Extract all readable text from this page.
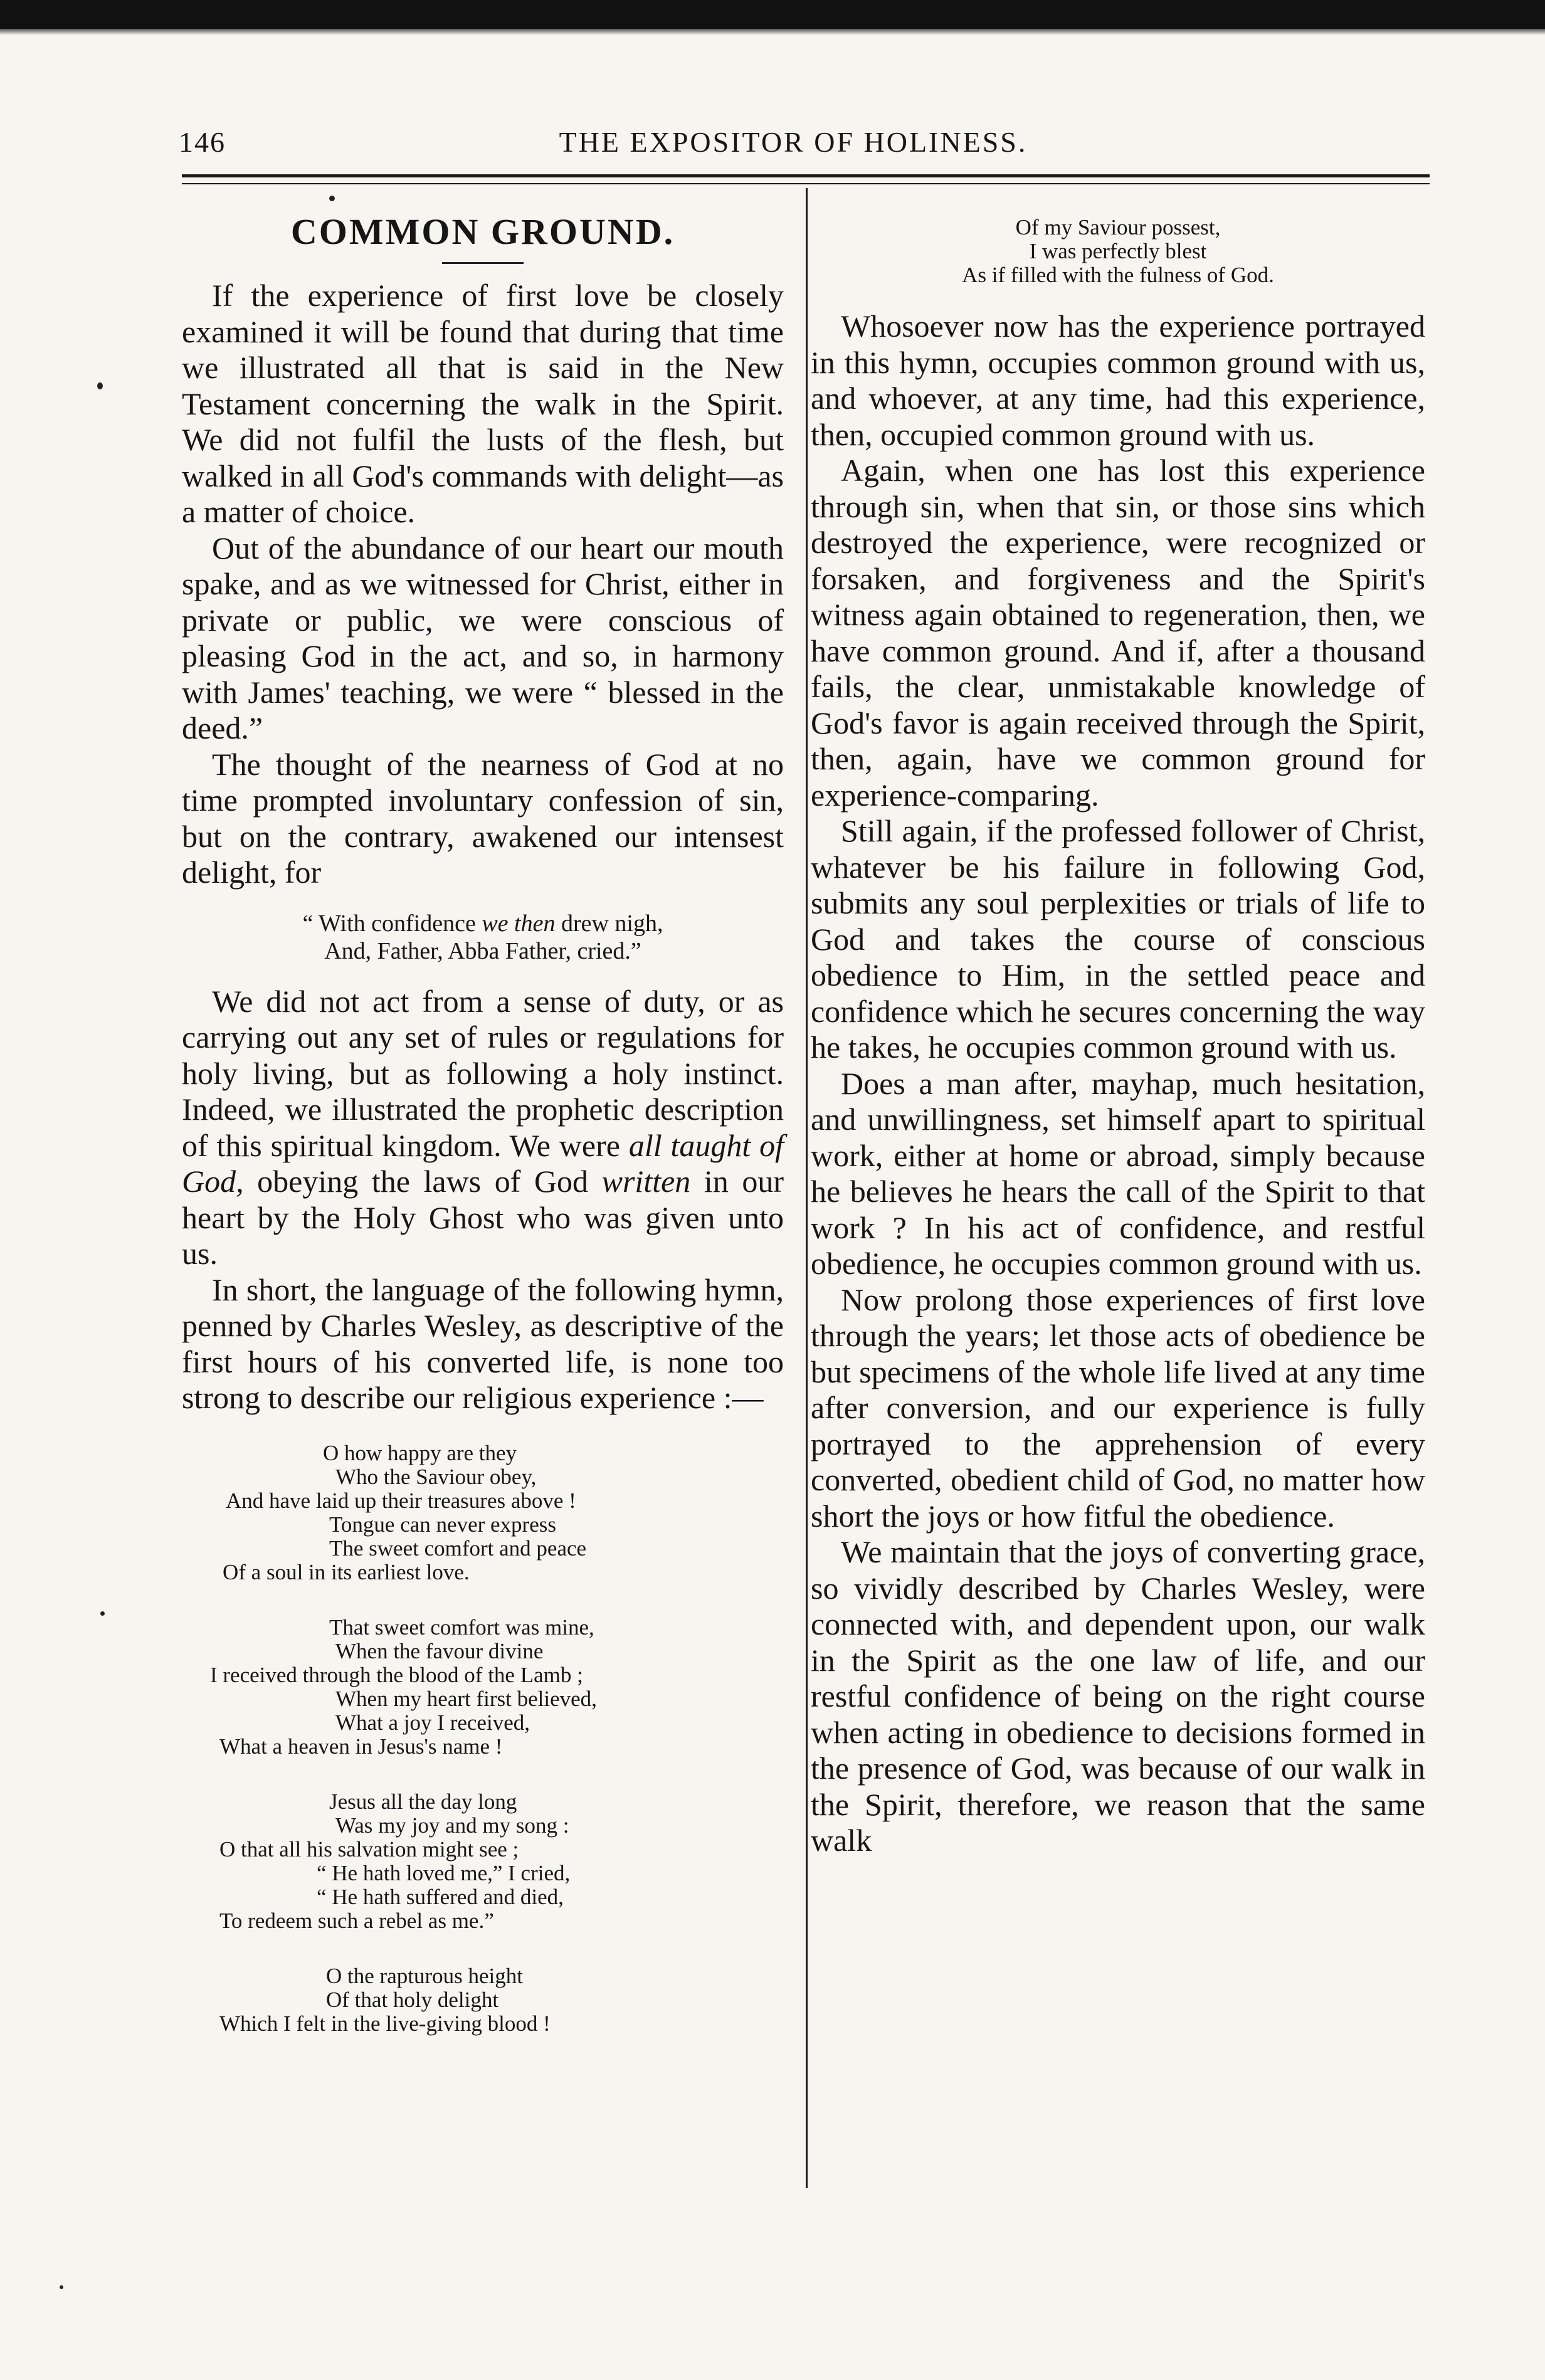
146	THE EXPOSITOR OF HOLINESS.
COMMON GROUND.

If the experience of first love be closely examined it will be found that during that time we illustrated all that is said in the New Testament concerning the walk in the Spirit. We did not fulfil the lusts of the flesh, but walked in all God's commands with delight—as a matter of choice.

Out of the abundance of our heart our mouth spake, and as we witnessed for Christ, either in private or public, we were conscious of pleasing God in the act, and so, in harmony with James' teaching, we were “ blessed in the deed.”

The thought of the nearness of God at no time prompted involuntary confession of sin, but on the contrary, awakened our intensest delight, for

“ With confidence we then drew nigh,

And, Father, Abba Father, cried.”

We did not act from a sense of duty, or as carrying out any set of rules or regulations for holy living, but as following a holy instinct. Indeed, we illustrated the prophetic description of this spiritual kingdom. We were all taught of God, obeying the laws of God written in our heart by the Holy Ghost who was given unto us.

In short, the language of the following hymn, penned by Charles Wesley, as descriptive of the first hours of his converted life, is none too strong to describe our religious experience :—

O how happy are they
Who the Saviour obey,
And have laid up their treasures above !
Tongue can never express
The sweet comfort and peace
Of a soul in its earliest love.
That sweet comfort was mine,
When the favour divine
I received through the blood of the Lamb ;
When my heart first believed,
What a joy I received,
What a heaven in Jesus's name !
Jesus all the day long
Was my joy and my song :
O that all his salvation might see ;
“ He hath loved me,” I cried,
“ He hath suffered and died,
To redeem such a rebel as me.”
O the rapturous height
Of that holy delight
Which I felt in the live-giving blood !
Of my Saviour possest,
I was perfectly blest
As if filled with the fulness of God.

Whosoever now has the experience portrayed in this hymn, occupies common ground with us, and whoever, at any time, had this experience, then, occupied common ground with us.

Again, when one has lost this experience through sin, when that sin, or those sins which destroyed the experience, were recognized or forsaken, and forgiveness and the Spirit's witness again obtained to regeneration, then, we have common ground. And if, after a thousand fails, the clear, unmistakable knowledge of God's favor is again received through the Spirit, then, again, have we common ground for experience-comparing.

Still again, if the professed follower of Christ, whatever be his failure in following God, submits any soul perplexities or trials of life to God and takes the course of conscious obedience to Him, in the settled peace and confidence which he secures concerning the way he takes, he occupies common ground with us.

Does a man after, mayhap, much hesitation, and unwillingness, set himself apart to spiritual work, either at home or abroad, simply because he believes he hears the call of the Spirit to that work ? In his act of confidence, and restful obedience, he occupies common ground with us.

Now prolong those experiences of first love through the years; let those acts of obedience be but specimens of the whole life lived at any time after conversion, and our experience is fully portrayed to the apprehension of every converted, obedient child of God, no matter how short the joys or how fitful the obedience.

We maintain that the joys of converting grace, so vividly described by Charles Wesley, were connected with, and dependent upon, our walk in the Spirit as the one law of life, and our restful confidence of being on the right course when acting in obedience to decisions formed in the presence of God, was because of our walk in the Spirit, therefore, we reason that the same walk
